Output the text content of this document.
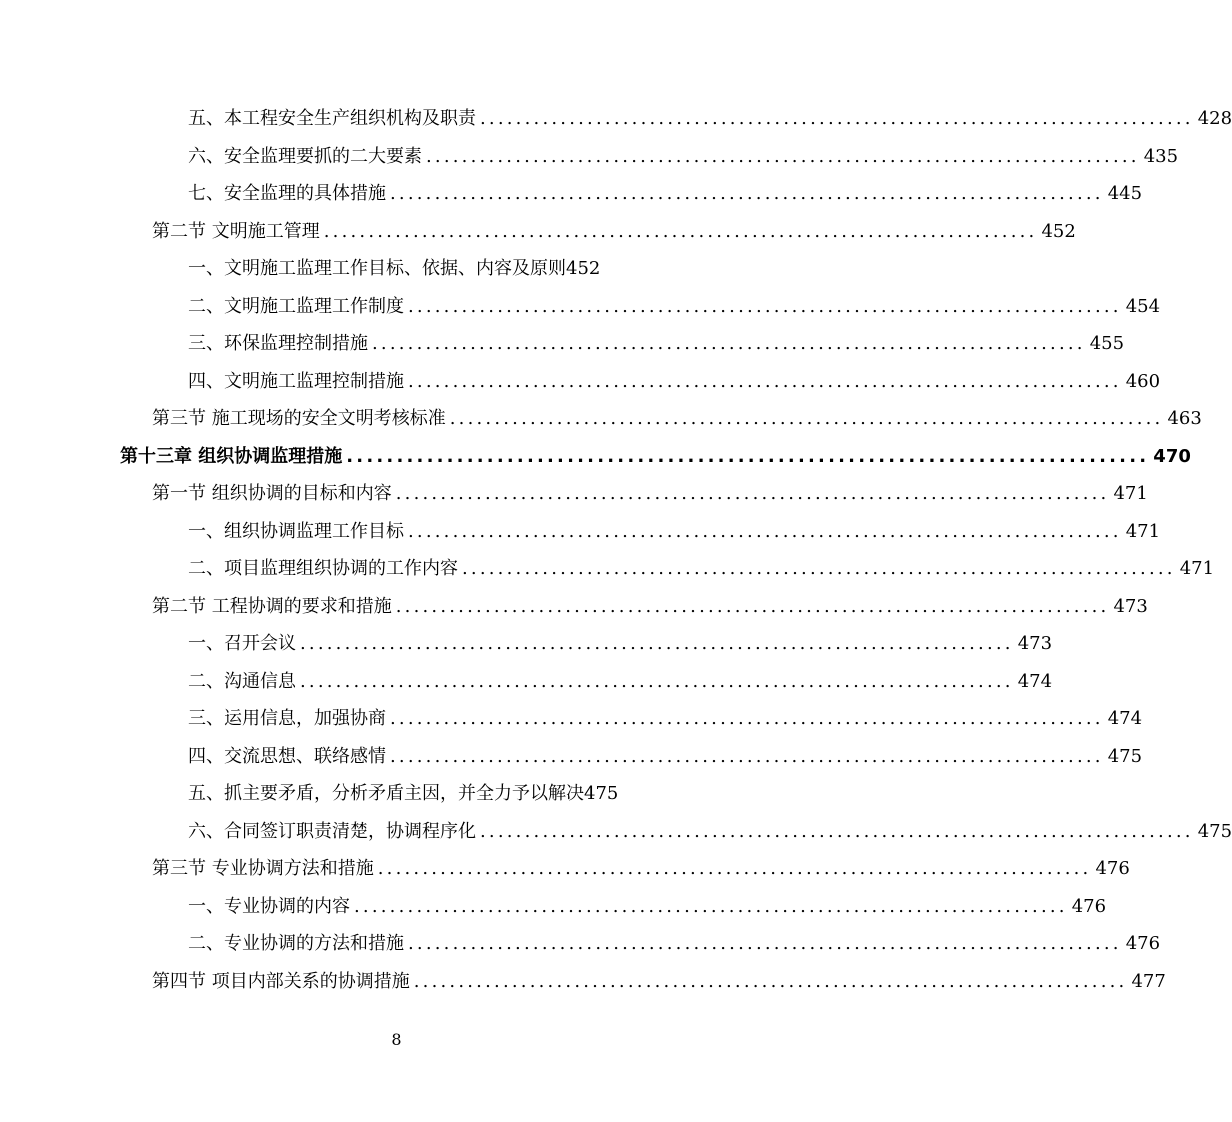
五、本工程安全生产组织机构及职责 ................................................................................ 428
六、安全监理要抓的二大要素 ................................................................................ 435
七、安全监理的具体措施 ................................................................................ 445
第二节 文明施工管理 ................................................................................ 452
一、文明施工监理工作目标、依据、内容及原则 452
二、文明施工监理工作制度 ................................................................................ 454
三、环保监理控制措施 ................................................................................ 455
四、文明施工监理控制措施 ................................................................................ 460
第三节 施工现场的安全文明考核标准 ................................................................................ 463
第十三章 组织协调监理措施 ................................................................................ 470
第一节 组织协调的目标和内容 ................................................................................ 471
一、组织协调监理工作目标 ................................................................................ 471
二、项目监理组织协调的工作内容 ................................................................................ 471
第二节 工程协调的要求和措施 ................................................................................ 473
一、召开会议 ................................................................................ 473
二、沟通信息 ................................................................................ 474
三、运用信息，加强协商 ................................................................................ 474
四、交流思想、联络感情 ................................................................................ 475
五、抓主要矛盾，分析矛盾主因，并全力予以解决 475
六、合同签订职责清楚，协调程序化 ................................................................................ 475
第三节 专业协调方法和措施 ................................................................................ 476
一、专业协调的内容 ................................................................................ 476
二、专业协调的方法和措施 ................................................................................ 476
第四节 项目内部关系的协调措施 ................................................................................ 477
8
